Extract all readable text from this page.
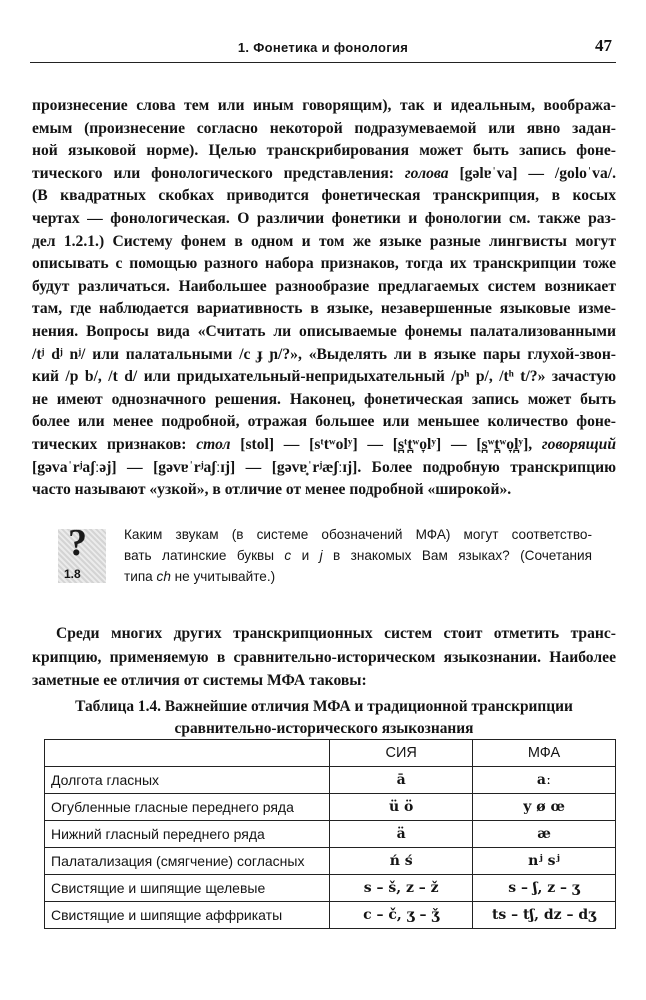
1. Фонетика и фонология	47
произнесение слова тем или иным говорящим), так и идеальным, вообража-
емым (произнесение согласно некоторой подразумеваемой или явно задан-
ной языковой норме). Целью транскрибирования может быть запись фоне-
тического или фонологического представления: голова [gəlɐˈva] — /goloˈva/.
(В квадратных скобках приводится фонетическая транскрипция, в косых
чертах — фонологическая. О различии фонетики и фонологии см. также раз-
дел 1.2.1.) Систему фонем в одном и том же языке разные лингвисты могут
описывать с помощью разного набора признаков, тогда их транскрипции тоже
будут различаться. Наибольшее разнообразие предлагаемых систем возникает
там, где наблюдается вариативность в языке, незавершенные языковые изме-
нения. Вопросы вида «Считать ли описываемые фонемы палатализованными
/tʲ dʲ nʲ/ или палатальными /c ɟ ɲ/?», «Выделять ли в языке пары глухой-звон-
кий /p b/, /t d/ или придыхательный-непридыхательный /pʰ p/, /tʰ t/?» зачастую
не имеют однозначного решения. Наконец, фонетическая запись может быть
более или менее подробной, отражая большее или меньшее количество фоне-
тических признаков: стол [stol] — [sᵗtʷolʸ] — [s̪ᵗt̪ʷo̞lʸ] — [s̪ʷt̪ʷo̞l̪ʸ], говорящий
[gəvaˈrʲaʃːəj] — [gəvɐˈrʲaʃːɪj] — [gəvɐ̟ˈrʲæʃːɪj]. Более подробную транскрипцию
часто называют «узкой», в отличие от менее подробной «широкой».
?
1.8
Каким звукам (в системе обозначений МФА) могут соответство-
вать латинские буквы c и j в знакомых Вам языках? (Сочетания
типа ch не учитывайте.)
Среди многих других транскрипционных систем стоит отметить транс-
крипцию, применяемую в сравнительно-историческом языкознании. Наиболее
заметные ее отличия от системы МФА таковы:
Таблица 1.4. Важнейшие отличия МФА и традиционной транскрипции
сравнительно-исторического языкознания
	СИЯ	МФА
Долгота гласных	ā	aː
Огубленные гласные переднего ряда	ü ö	y ø œ
Нижний гласный переднего ряда	ä	æ
Палатализация (смягчение) согласных	ń ś	nʲ sʲ
Свистящие и шипящие щелевые	s – š, z – ž	s – ʃ, z – ʒ
Свистящие и шипящие аффрикаты	c – č, ʒ – ǯ	ts – tʃ, dz – dʒ
